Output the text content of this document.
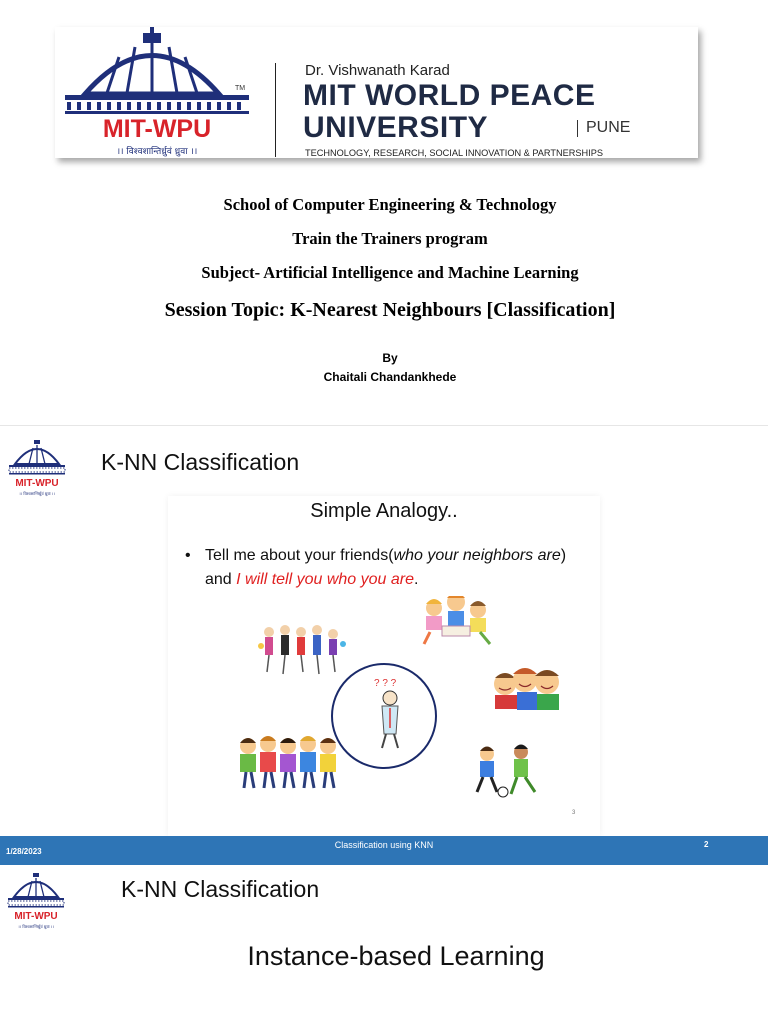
TM
MIT-WPU
।। विश्वशान्तिर्ध्रुवं ध्रुवा ।।
Dr. Vishwanath Karad
MIT WORLD PEACE
UNIVERSITY	PUNE
TECHNOLOGY, RESEARCH, SOCIAL INNOVATION & PARTNERSHIPS
School of Computer Engineering & Technology
Train the Trainers program
Subject- Artificial Intelligence and Machine Learning
Session Topic: K-Nearest Neighbours [Classification]
By
Chaitali Chandankhede
MIT-WPU
।। विश्वशान्तिर्ध्रुवं ध्रुवा ।।
K-NN Classification
Simple Analogy..
• Tell me about your friends(who your neighbors are) and I will tell you who you are.
? ? ?
3
1/28/2023
Classification using KNN	2
MIT-WPU
।। विश्वशान्तिर्ध्रुवं ध्रुवा ।।
K-NN Classification
Instance-based Learning
